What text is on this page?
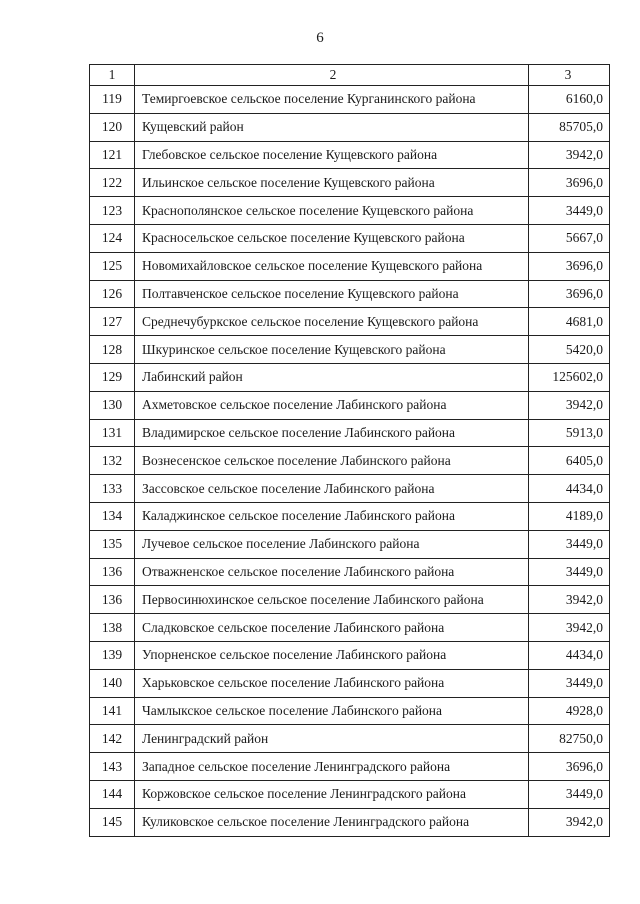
6
1	2	3
119	Темиргоевское сельское поселение Курганинского района	6160,0
120	Кущевский район	85705,0
121	Глебовское сельское поселение Кущевского района	3942,0
122	Ильинское сельское поселение Кущевского района	3696,0
123	Краснополянское сельское поселение Кущевского района	3449,0
124	Красносельское сельское поселение Кущевского района	5667,0
125	Новомихайловское сельское поселение Кущевского района	3696,0
126	Полтавченское сельское поселение Кущевского района	3696,0
127	Среднечубуркское сельское поселение Кущевского района	4681,0
128	Шкуринское сельское поселение Кущевского района	5420,0
129	Лабинский район	125602,0
130	Ахметовское сельское поселение Лабинского района	3942,0
131	Владимирское сельское поселение Лабинского района	5913,0
132	Вознесенское сельское поселение Лабинского района	6405,0
133	Зассовское сельское поселение Лабинского района	4434,0
134	Каладжинское сельское поселение Лабинского района	4189,0
135	Лучевое сельское поселение Лабинского района	3449,0
136	Отважненское сельское поселение Лабинского района	3449,0
136	Первосинюхинское сельское поселение Лабинского района	3942,0
138	Сладковское сельское поселение Лабинского района	3942,0
139	Упорненское сельское поселение Лабинского района	4434,0
140	Харьковское сельское поселение Лабинского района	3449,0
141	Чамлыкское сельское поселение Лабинского района	4928,0
142	Ленинградский район	82750,0
143	Западное сельское поселение Ленинградского района	3696,0
144	Коржовское сельское поселение Ленинградского района	3449,0
145	Куликовское сельское поселение Ленинградского района	3942,0
